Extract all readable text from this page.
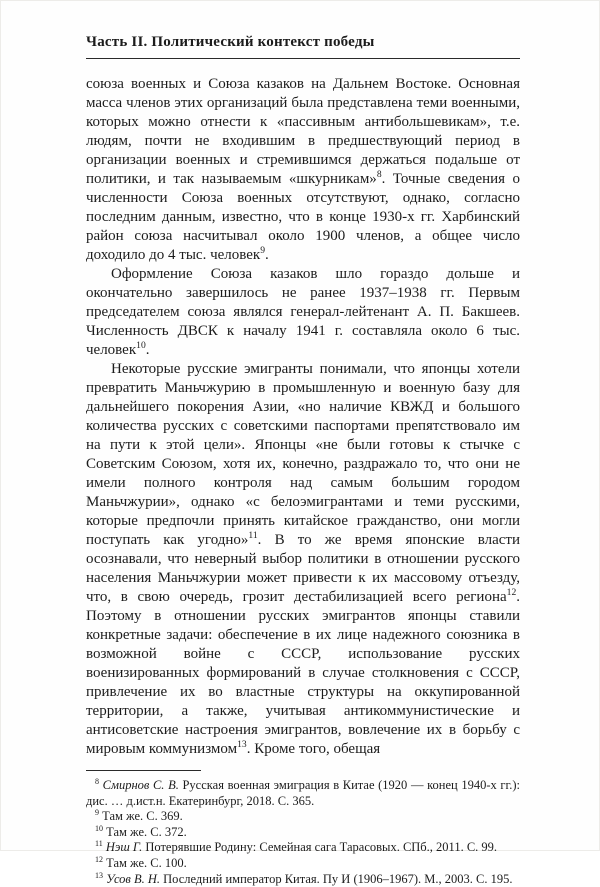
Часть II. Политический контекст победы

союза военных и Союза казаков на Дальнем Востоке. Основная масса членов этих организаций была представлена теми военными, которых можно отнести к «пассивным антибольшевикам», т.е. людям, почти не входившим в предшествующий период в организации военных и стремившимся держаться подальше от политики, и так называемым «шкурникам»$^8$. Точные сведения о численности Союза военных отсутствуют, однако, согласно последним данным, известно, что в конце 1930-х гг. Харбинский район союза насчитывал около 1900 членов, а общее число доходило до 4 тыс. человек$^9$.

Оформление Союза казаков шло гораздо дольше и окончательно завершилось не ранее 1937–1938 гг. Первым председателем союза являлся генерал-лейтенант А. П. Бакшеев. Численность ДВСК к началу 1941 г. составляла около 6 тыс. человек$^{10}$.

Некоторые русские эмигранты понимали, что японцы хотели превратить Маньчжурию в промышленную и военную базу для дальнейшего покорения Азии, «но наличие КВЖД и большого количества русских с советскими паспортами препятствовало им на пути к этой цели». Японцы «не были готовы к стычке с Советским Союзом, хотя их, конечно, раздражало то, что они не имели полного контроля над самым большим городом Маньчжурии», однако «с белоэмигрантами и теми русскими, которые предпочли принять китайское гражданство, они могли поступать как угодно»$^{11}$. В то же время японские власти осознавали, что неверный выбор политики в отношении русского населения Маньчжурии может привести к их массовому отъезду, что, в свою очередь, грозит дестабилизацией всего региона$^{12}$. Поэтому в отношении русских эмигрантов японцы ставили конкретные задачи: обеспечение в их лице надежного союзника в возможной войне с СССР, использование русских военизированных формирований в случае столкновения с СССР, привлечение их во властные структуры на оккупированной территории, а также, учитывая антикоммунистические и антисоветские настроения эмигрантов, вовлечение их в борьбу с мировым коммунизмом$^{13}$. Кроме того, обещая

$^8$ Смирнов С. В. Русская военная эмиграция в Китае (1920 — конец 1940-х гг.): дис. … д.ист.н. Екатеринбург, 2018. С. 365.

$^9$ Там же. С. 369.

$^{10}$ Там же. С. 372.

$^{11}$ Нэш Г. Потерявшие Родину: Семейная сага Тарасовых. СПб., 2011. С. 99.

$^{12}$ Там же. С. 100.

$^{13}$ Усов В. Н. Последний император Китая. Пу И (1906–1967). М., 2003. С. 195.
